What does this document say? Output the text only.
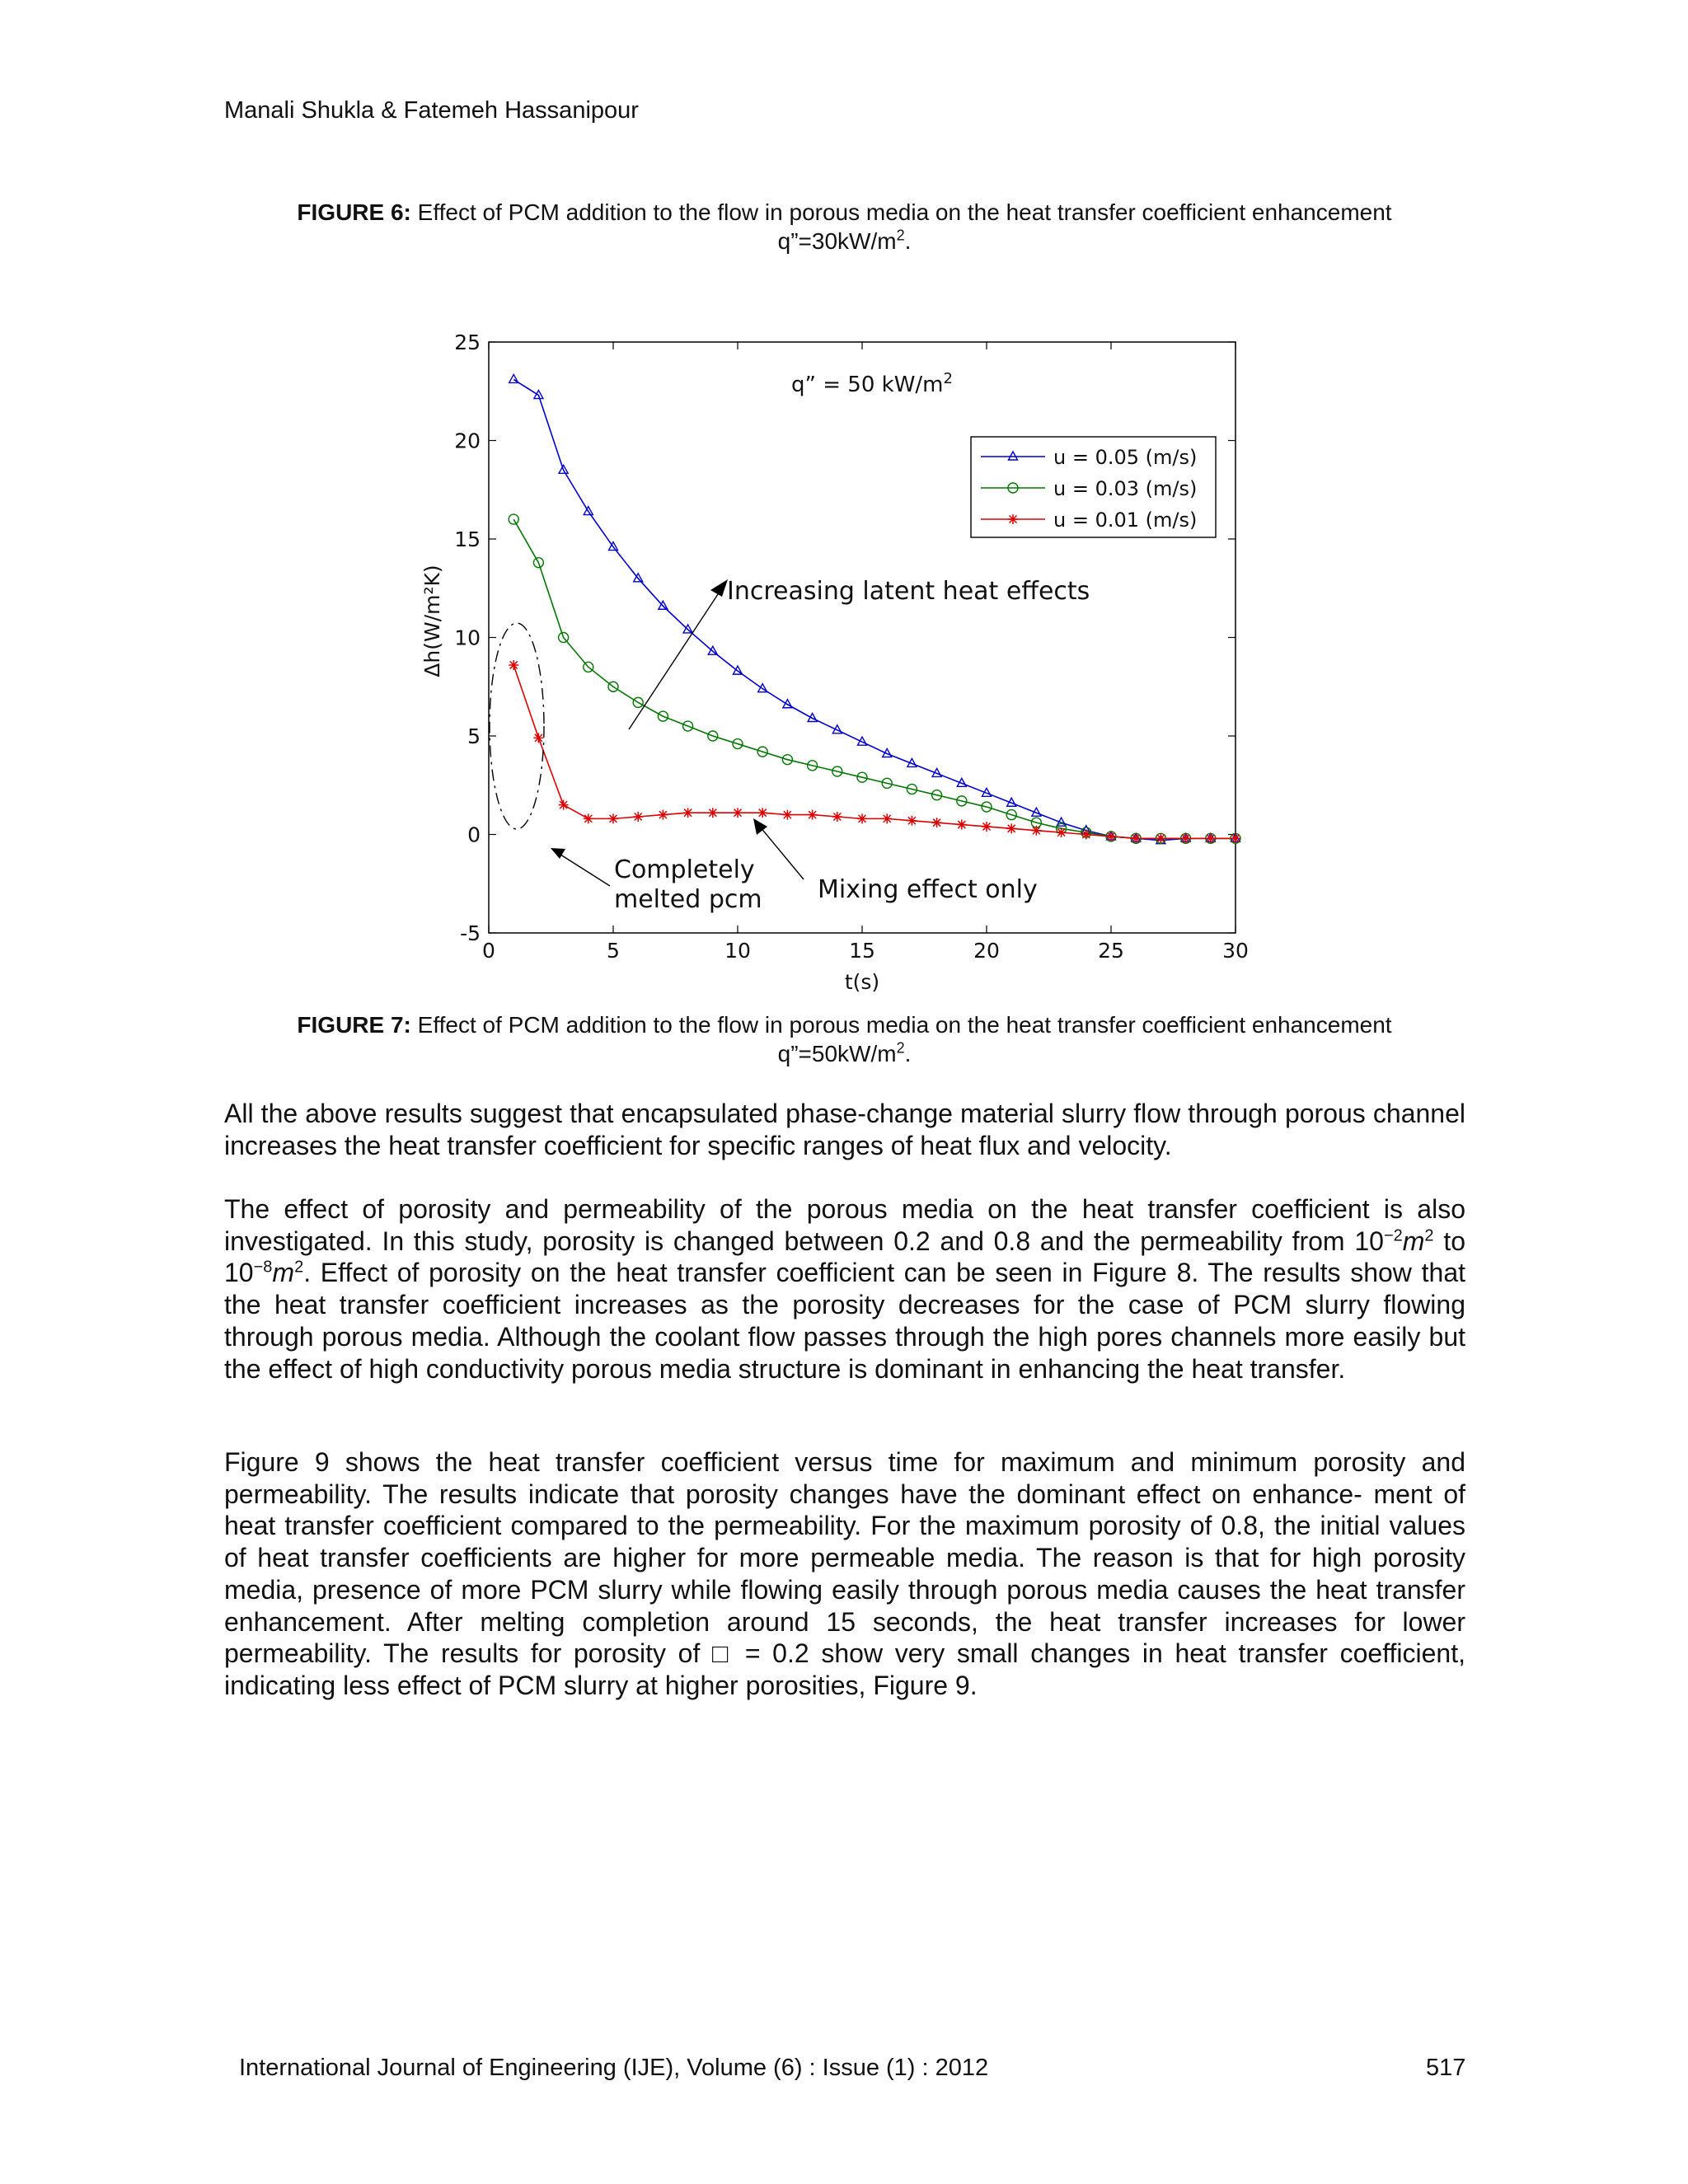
Manali Shukla & Fatemeh Hassanipour
FIGURE 6: Effect of PCM addition to the flow in porous media on the heat transfer coefficient enhancement
$q”=30kW/m^2$.
0	5	10	15	20	25	30
-5
0
5
10
15
20
25
t(s)
Δh(W/m²K)
q” = 50 $kW/m^2$
u = 0.05 (m/s)
u = 0.03 (m/s)
u = 0.01 (m/s)
Increasing latent heat effects
Completely
melted pcm Mixing effect only
FIGURE 7: Effect of PCM addition to the flow in porous media on the heat transfer coefficient enhancement
$q”=50kW/m^2$.
All the above results suggest that encapsulated phase-change material slurry flow through porous channel increases the heat transfer coefficient for specific ranges of heat flux and velocity.
The effect of porosity and permeability of the porous media on the heat transfer coefficient is also investigated. In this study, porosity is changed between 0.2 and 0.8 and the permeability from $10^{-2}m^2$ to $10^{-8}m^2$. Effect of porosity on the heat transfer coefficient can be seen in Figure 8. The results show that the heat transfer coefficient increases as the porosity decreases for the case of PCM slurry flowing through porous media. Although the coolant flow passes through the high pores channels more easily but the effect of high conductivity porous media structure is dominant in enhancing the heat transfer.
Figure 9 shows the heat transfer coefficient versus time for maximum and minimum porosity and permeability. The results indicate that porosity changes have the dominant effect on enhance- ment of heat transfer coefficient compared to the permeability. For the maximum porosity of 0.8, the initial values of heat transfer coefficients are higher for more permeable media. The reason is that for high porosity media, presence of more PCM slurry while flowing easily through porous media causes the heat transfer enhancement. After melting completion around 15 seconds, the heat transfer increases for lower permeability. The results for porosity of □ = 0.2 show very small changes in heat transfer coefficient, indicating less effect of PCM slurry at higher porosities, Figure 9.
International Journal of Engineering (IJE), Volume (6) : Issue (1) : 2012	517
